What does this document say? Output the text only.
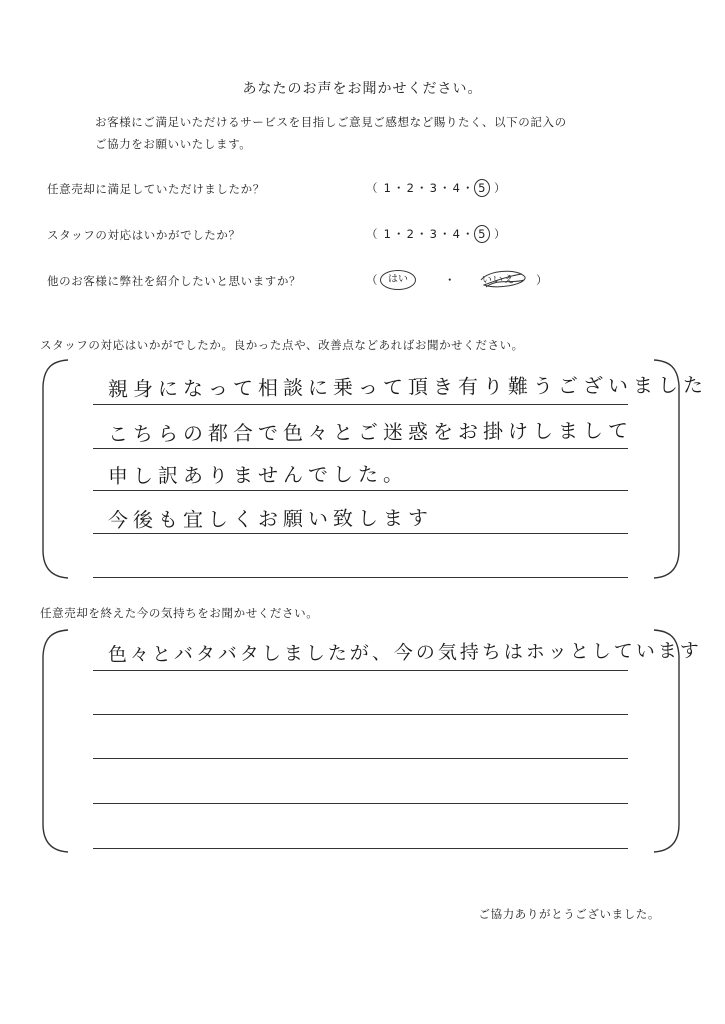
あなたのお声をお聞かせください。
お客様にご満足いただけるサービスを目指しご意見ご感想など賜りたく、以下の記入の
ご協力をお願いいたします。
任意売却に満足していただけましたか？	（ 1 ・ 2 ・ 3 ・ 4 ・ 5 ）
スタッフの対応はいかがでしたか？	（ 1 ・ 2 ・ 3 ・ 4 ・ 5 ）
他のお客様に弊社を紹介したいと思いますか？	（	はい	・	いいえ ）
スタッフの対応はいかがでしたか。良かった点や、改善点などあればお聞かせください。
親身になって相談に乗って頂き有り難うございました
こちらの都合で色々とご迷惑をお掛けしまして
申し訳ありませんでした。
今後も宜しくお願い致します
任意売却を終えた今の気持ちをお聞かせください。
色々とバタバタしましたが、今の気持ちはホッとしています
ご協力ありがとうございました。
